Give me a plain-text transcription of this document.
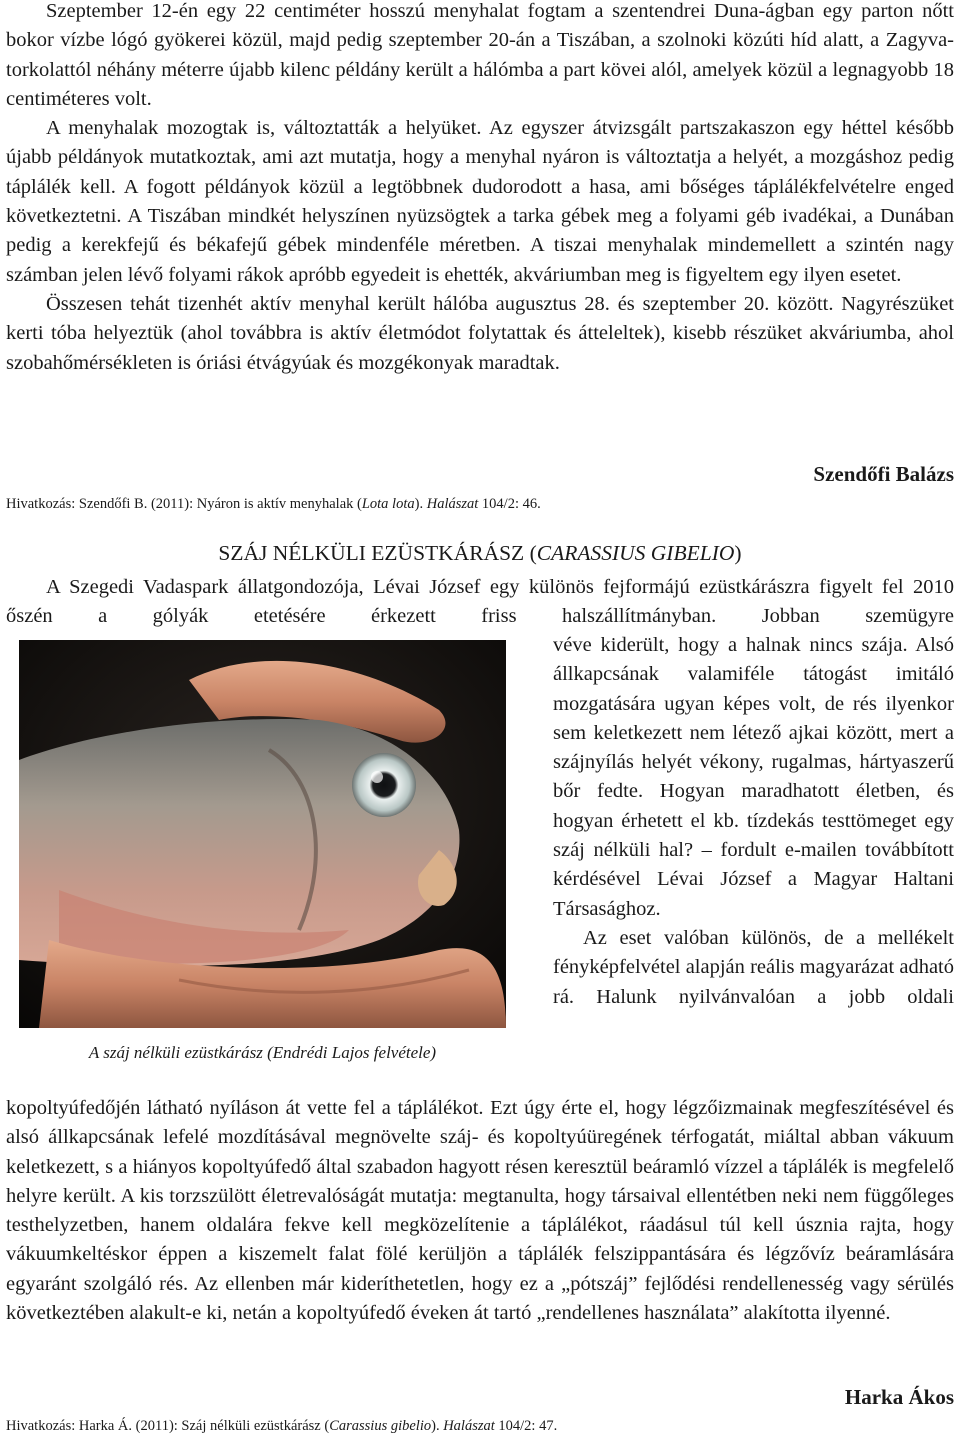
Szeptember 12-én egy 22 centiméter hosszú menyhalat fogtam a szentendrei Duna-ágban egy parton nőtt bokor vízbe lógó gyökerei közül, majd pedig szeptember 20-án a Tiszában, a szolnoki közúti híd alatt, a Zagyva-torkolattól néhány méterre újabb kilenc példány került a hálómba a part kövei alól, amelyek közül a legnagyobb 18 centiméteres volt.

A menyhalak mozogtak is, változtatták a helyüket. Az egyszer átvizsgált partszakaszon egy héttel később újabb példányok mutatkoztak, ami azt mutatja, hogy a menyhal nyáron is változtatja a helyét, a mozgáshoz pedig táplálék kell. A fogott példányok közül a legtöbbnek dudorodott a hasa, ami bőséges táplálékfelvételre enged következtetni. A Tiszában mindkét helyszínen nyüzsögtek a tarka gébek meg a folyami géb ivadékai, a Dunában pedig a kerekfejű és békafejű gébek mindenféle méretben. A tiszai menyhalak mindemellett a szintén nagy számban jelen lévő folyami rákok apróbb egyedeit is ehették, akváriumban meg is figyeltem egy ilyen esetet.

Összesen tehát tizenhét aktív menyhal került hálóba augusztus 28. és szeptember 20. között. Nagyrészüket kerti tóba helyeztük (ahol továbbra is aktív életmódot folytattak és átteleltek), kisebb részüket akváriumba, ahol szobahőmérsékleten is óriási étvágyúak és mozgékonyak maradtak.

Szendőfi Balázs

Hivatkozás: Szendőfi B. (2011): Nyáron is aktív menyhalak (Lota lota). Halászat 104/2: 46.

SZÁJ NÉLKÜLI EZÜSTKÁRÁSZ (CARASSIUS GIBELIO)

A Szegedi Vadaspark állatgondozója, Lévai József egy különös fejformájú ezüstkárászra figyelt fel 2010 őszén a gólyák etetésére érkezett friss halszállítmányban. Jobban szemügyre

A száj nélküli ezüstkárász (Endrédi Lajos felvétele)

véve kiderült, hogy a halnak nincs szája. Alsó állkapcsának valamiféle tátogást imitáló mozgatására ugyan képes volt, de rés ilyenkor sem keletkezett nem létező ajkai között, mert a szájnyílás helyét vékony, rugalmas, hártyaszerű bőr fedte. Hogyan maradhatott életben, és hogyan érhetett el kb. tízdekás testtömeget egy száj nélküli hal? – fordult e-mailen továbbított kérdésével Lévai József a Magyar Haltani Társasághoz.

Az eset valóban különös, de a mellékelt fényképfelvétel alapján reális magyarázat adható rá. Halunk nyilvánvalóan a jobb oldali

kopoltyúfedőjén látható nyíláson át vette fel a táplálékot. Ezt úgy érte el, hogy légzőizmainak megfeszítésével és alsó állkapcsának lefelé mozdításával megnövelte száj- és kopoltyúüregének térfogatát, miáltal abban vákuum keletkezett, s a hiányos kopoltyúfedő által szabadon hagyott résen keresztül beáramló vízzel a táplálék is megfelelő helyre került. A kis torzszülött életrevalóságát mutatja: megtanulta, hogy társaival ellentétben neki nem függőleges testhelyzetben, hanem oldalára fekve kell megközelítenie a táplálékot, ráadásul túl kell úsznia rajta, hogy vákuumkeltéskor éppen a kiszemelt falat fölé kerüljön a táplálék felszippantására és légzővíz beáramlására egyaránt szolgáló rés. Az ellenben már kideríthetetlen, hogy ez a „pótszáj” fejlődési rendellenesség vagy sérülés következtében alakult-e ki, netán a kopoltyúfedő éveken át tartó „rendellenes használata” alakította ilyenné.

Harka Ákos

Hivatkozás: Harka Á. (2011): Száj nélküli ezüstkárász (Carassius gibelio). Halászat 104/2: 47.
